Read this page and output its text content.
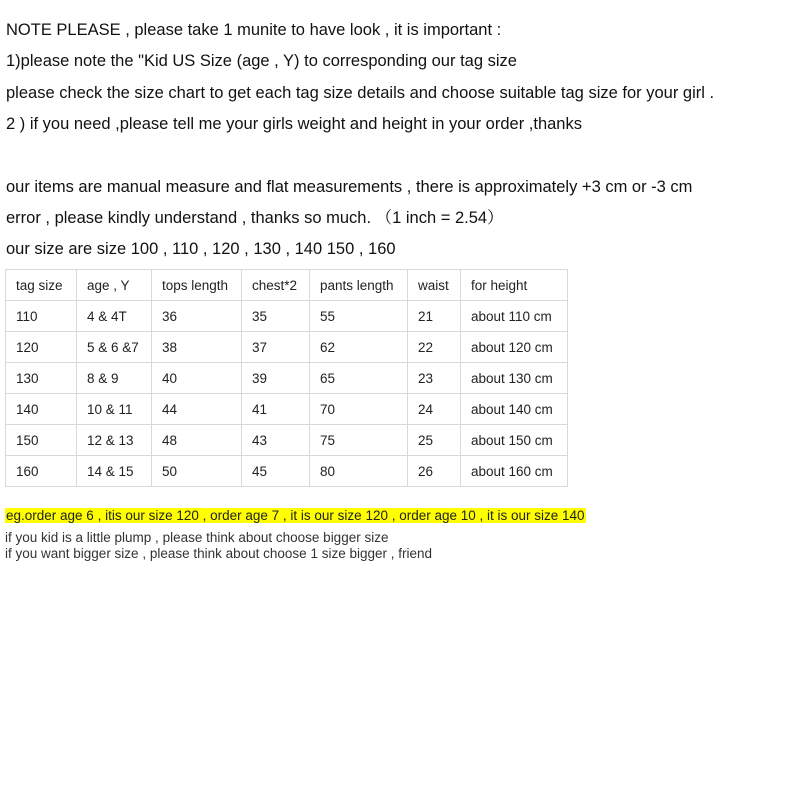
NOTE PLEASE , please take 1 munite to have look , it is important :
1)please note the "Kid US Size (age , Y) to corresponding our tag size
please check the size chart to get each tag size details and choose suitable tag size for your girl .
2 ) if you need ,please tell me your girls weight and height in your order ,thanks
our items are manual measure and flat measurements , there is approximately +3 cm or -3 cm
error , please kindly understand , thanks so much. （1 inch = 2.54）
our size are size 100 , 110 , 120 , 130 , 140 150 , 160
tag size	age , Y	tops length	chest*2	pants length	waist	for height
110	4 & 4T	36	35	55	21	about 110 cm
120	5 & 6 &7	38	37	62	22	about 120 cm
130	8 & 9	40	39	65	23	about 130 cm
140	10 & 11	44	41	70	24	about 140 cm
150	12 & 13	48	43	75	25	about 150 cm
160	14 & 15	50	45	80	26	about 160 cm
eg.order age 6 , itis our size 120 , order age 7 , it is our size 120 , order age 10 , it is our size 140
if you kid is a little plump , please think about choose bigger size
if you want bigger size , please think about choose 1 size bigger , friend
